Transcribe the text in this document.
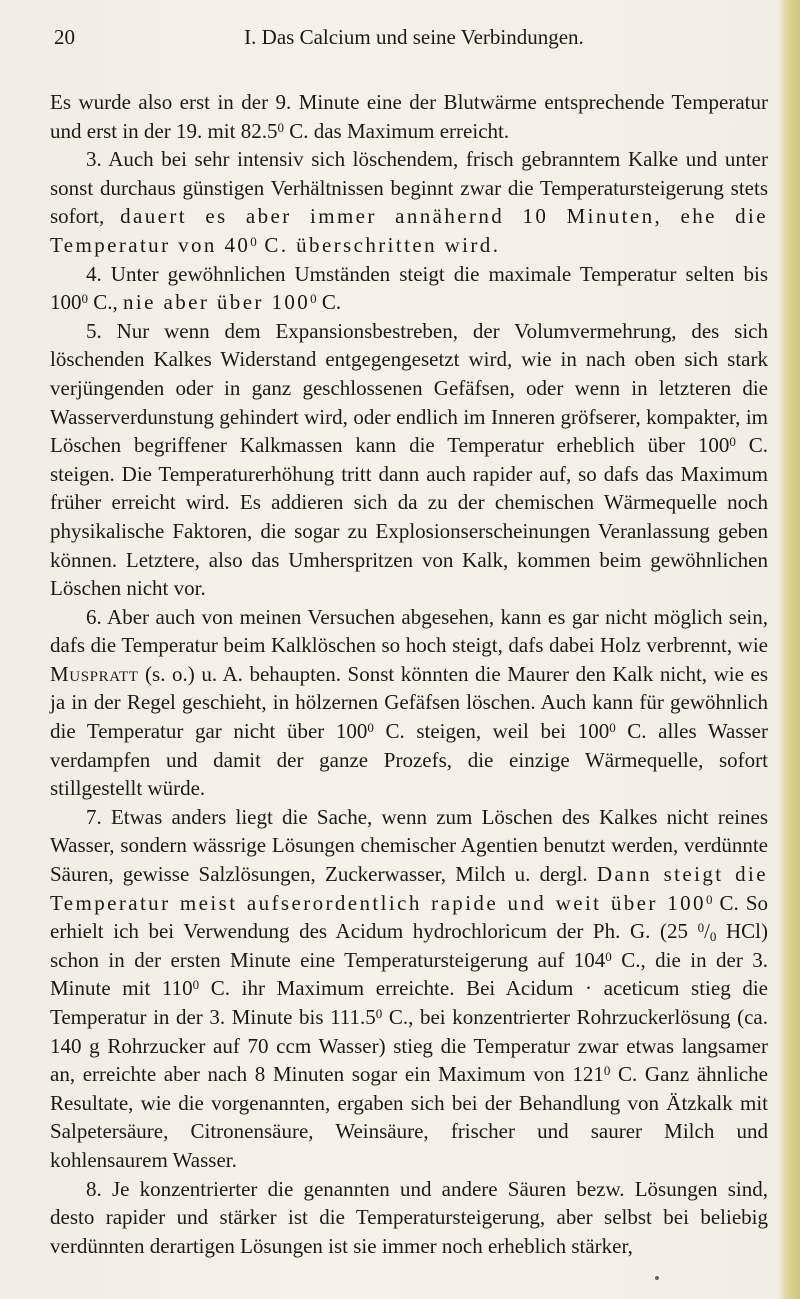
20	I. Das Calcium und seine Verbindungen.

Es wurde also erst in der 9. Minute eine der Blutwärme entsprechende Temperatur und erst in der 19. mit 82.5$^0$ C. das Maximum erreicht.

3. Auch bei sehr intensiv sich löschendem, frisch gebranntem Kalke und unter sonst durchaus günstigen Verhältnissen beginnt zwar die Temperatursteigerung stets sofort, dauert es aber immer annähernd 10 Minuten, ehe die Temperatur von $40^0$ C. überschritten wird.

4. Unter gewöhnlichen Umständen steigt die maximale Temperatur selten bis $100^0$ C., nie aber über $100^0$ C.

5. Nur wenn dem Expansionsbestreben, der Volumvermehrung, des sich löschenden Kalkes Widerstand entgegengesetzt wird, wie in nach oben sich stark verjüngenden oder in ganz geschlossenen Gefäfsen, oder wenn in letzteren die Wasserverdunstung gehindert wird, oder endlich im Inneren gröfserer, kompakter, im Löschen begriffener Kalkmassen kann die Temperatur erheblich über $100^0$ C. steigen. Die Temperaturerhöhung tritt dann auch rapider auf, so dafs das Maximum früher erreicht wird. Es addieren sich da zu der chemischen Wärmequelle noch physikalische Faktoren, die sogar zu Explosionserscheinungen Veranlassung geben können. Letztere, also das Umherspritzen von Kalk, kommen beim gewöhnlichen Löschen nicht vor.

6. Aber auch von meinen Versuchen abgesehen, kann es gar nicht möglich sein, dafs die Temperatur beim Kalklöschen so hoch steigt, dafs dabei Holz verbrennt, wie Muspratt (s. o.) u. A. behaupten. Sonst könnten die Maurer den Kalk nicht, wie es ja in der Regel geschieht, in hölzernen Gefäfsen löschen. Auch kann für gewöhnlich die Temperatur gar nicht über $100^0$ C. steigen, weil bei $100^0$ C. alles Wasser verdampfen und damit der ganze Prozefs, die einzige Wärmequelle, sofort stillgestellt würde.

7. Etwas anders liegt die Sache, wenn zum Löschen des Kalkes nicht reines Wasser, sondern wässrige Lösungen chemischer Agentien benutzt werden, verdünnte Säuren, gewisse Salzlösungen, Zuckerwasser, Milch u. dergl. Dann steigt die Temperatur meist aufserordentlich rapide und weit über $100^0$ C. So erhielt ich bei Verwendung des Acidum hydrochloricum der Ph. G. (25 $^0/_0$ HCl) schon in der ersten Minute eine Temperatursteigerung auf $104^0$ C., die in der 3. Minute mit $110^0$ C. ihr Maximum erreichte. Bei Acidum · aceticum stieg die Temperatur in der 3. Minute bis 111.5$^0$ C., bei konzentrierter Rohrzuckerlösung (ca. 140 g Rohrzucker auf 70 ccm Wasser) stieg die Temperatur zwar etwas langsamer an, erreichte aber nach 8 Minuten sogar ein Maximum von $121^0$ C. Ganz ähnliche Resultate, wie die vorgenannten, ergaben sich bei der Behandlung von Ätzkalk mit Salpetersäure, Citronensäure, Weinsäure, frischer und saurer Milch und kohlensaurem Wasser.

8. Je konzentrierter die genannten und andere Säuren bezw. Lösungen sind, desto rapider und stärker ist die Temperatursteigerung, aber selbst bei beliebig verdünnten derartigen Lösungen ist sie immer noch erheblich stärker,
